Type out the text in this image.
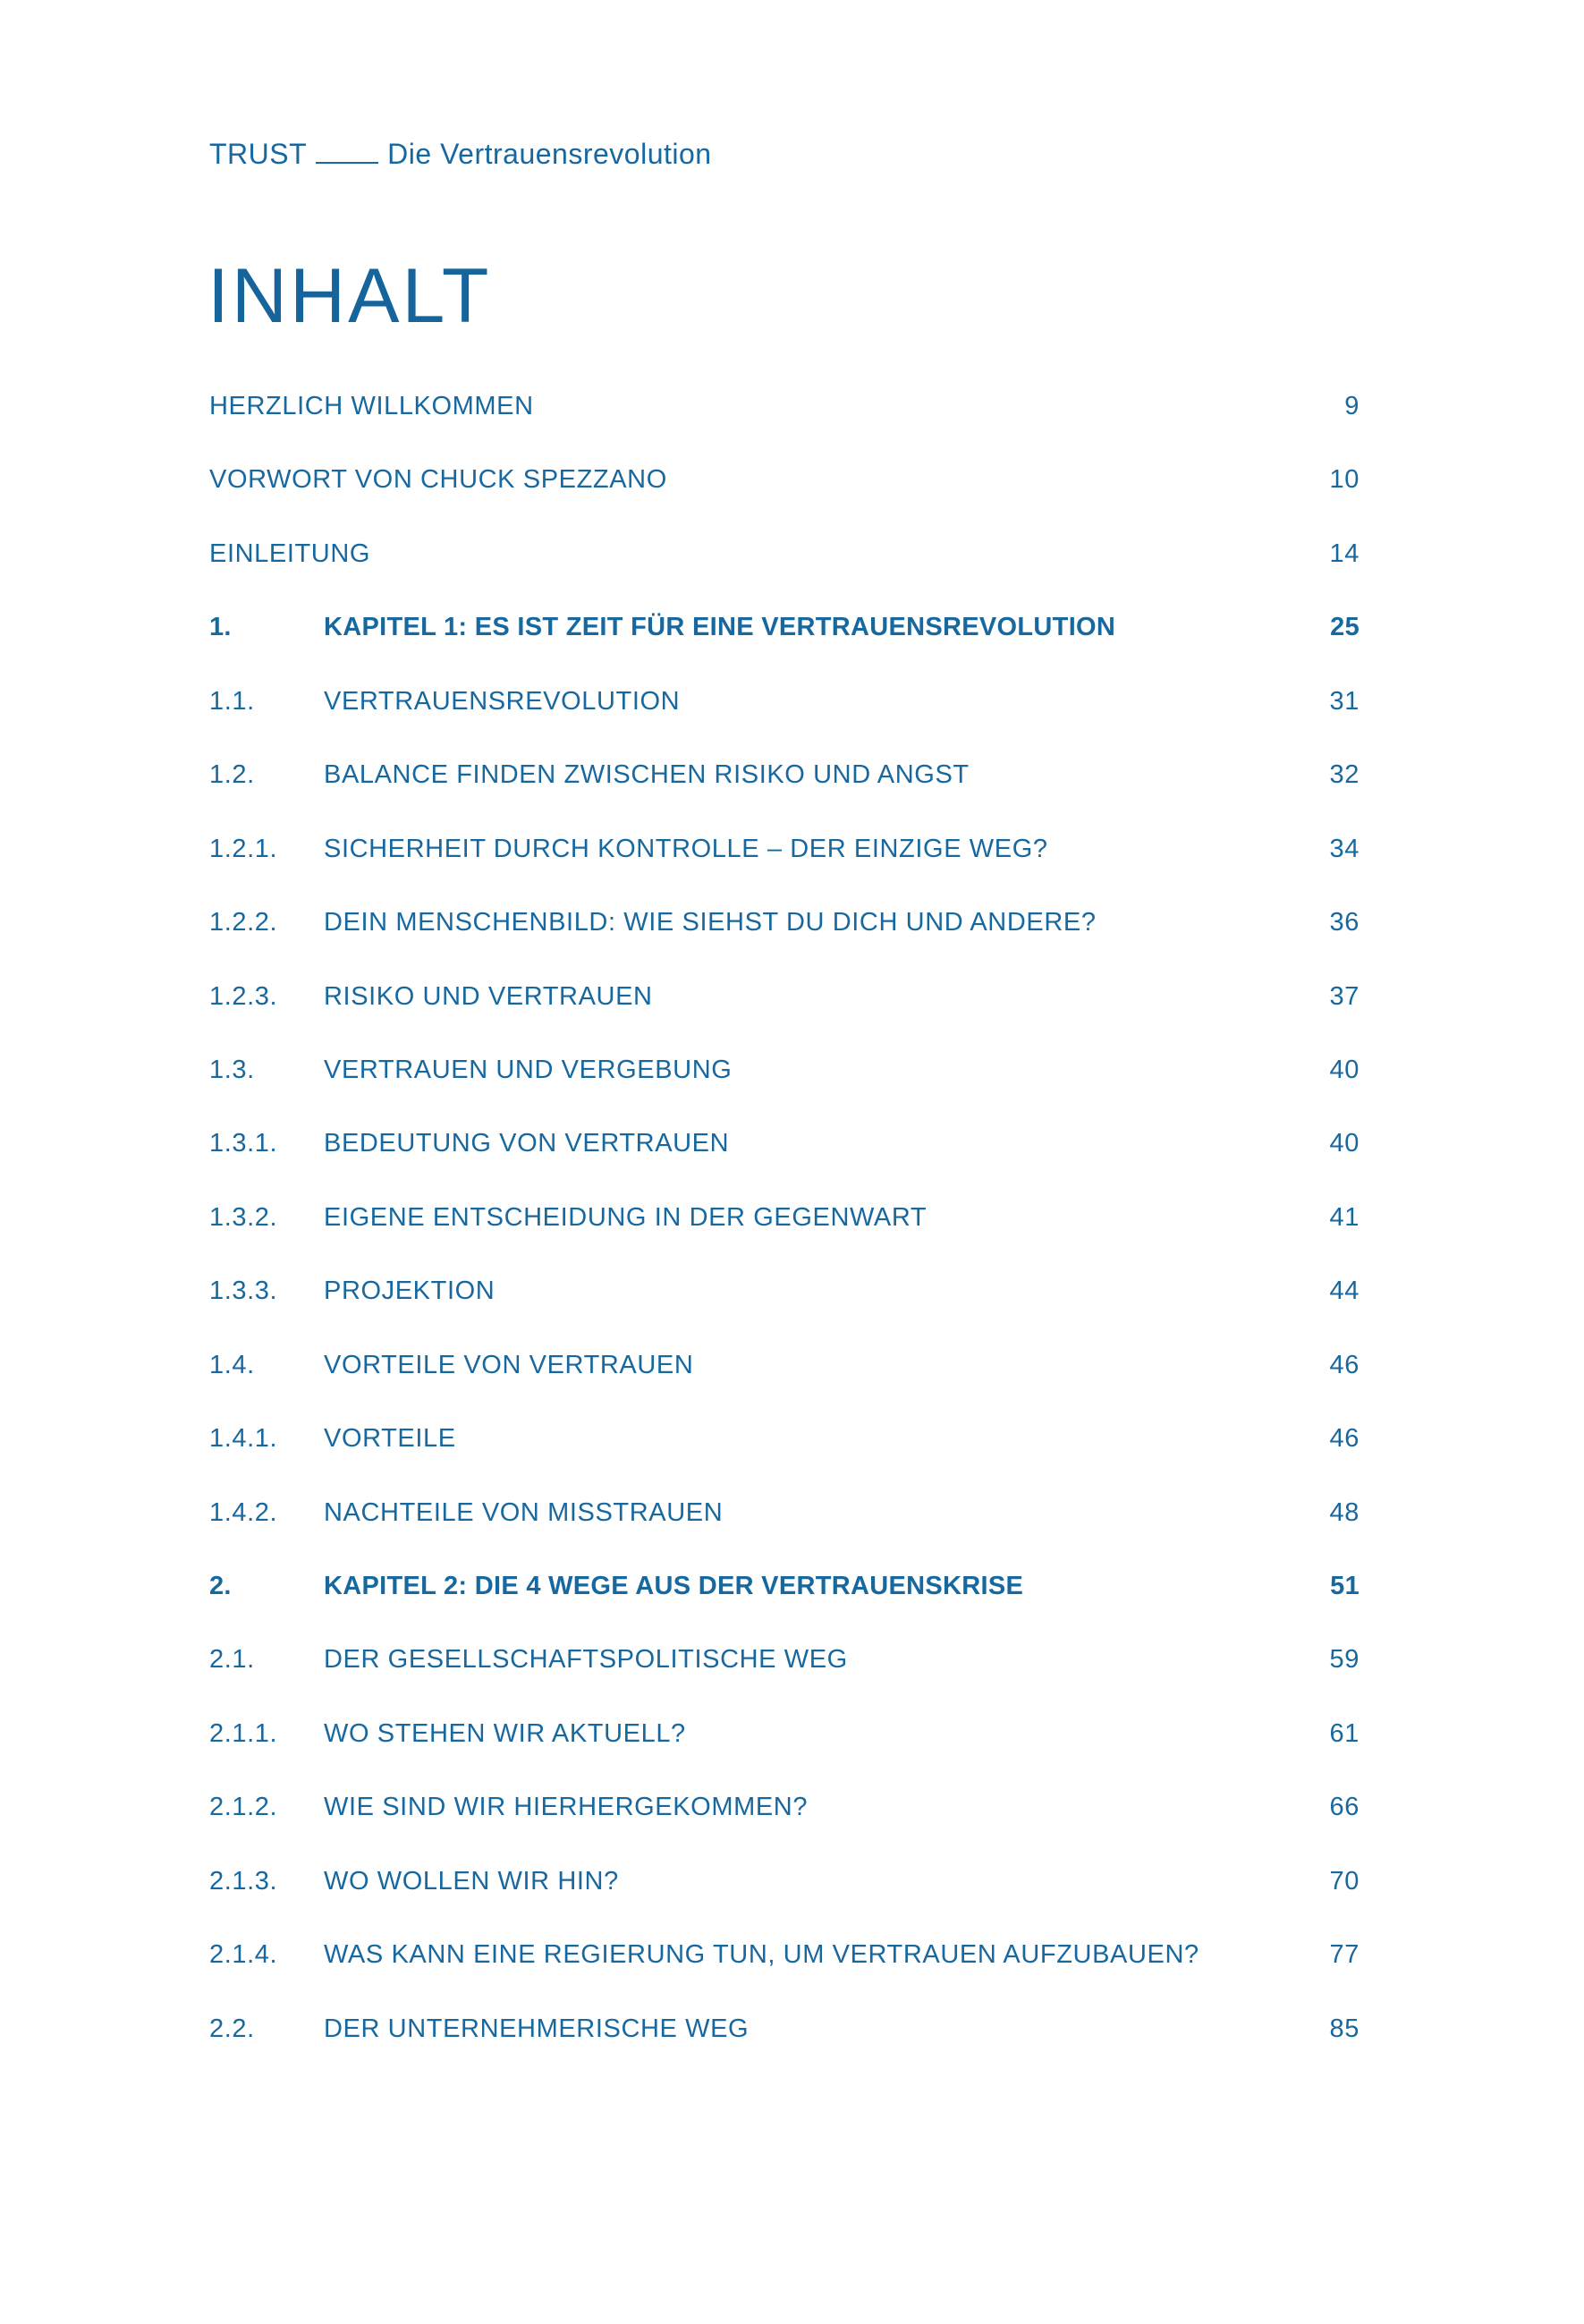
TRUST	Die Vertrauensrevolution
INHALT
HERZLICH WILLKOMMEN	9
VORWORT VON CHUCK SPEZZANO	10
EINLEITUNG	14
1.	KAPITEL 1: ES IST ZEIT FÜR EINE VERTRAUENSREVOLUTION	25
1.1.	VERTRAUENSREVOLUTION	31
1.2.	BALANCE FINDEN ZWISCHEN RISIKO UND ANGST	32
1.2.1. SICHERHEIT DURCH KONTROLLE – DER EINZIGE WEG?	34
1.2.2. DEIN MENSCHENBILD: WIE SIEHST DU DICH UND ANDERE?	36
1.2.3. RISIKO UND VERTRAUEN	37
1.3.	VERTRAUEN UND VERGEBUNG	40
1.3.1. BEDEUTUNG VON VERTRAUEN	40
1.3.2. EIGENE ENTSCHEIDUNG IN DER GEGENWART	41
1.3.3. PROJEKTION	44
1.4.	VORTEILE VON VERTRAUEN	46
1.4.1. VORTEILE	46
1.4.2. NACHTEILE VON MISSTRAUEN	48
2.	KAPITEL 2: DIE 4 WEGE AUS DER VERTRAUENSKRISE	51
2.1.	DER GESELLSCHAFTSPOLITISCHE WEG	59
2.1.1. WO STEHEN WIR AKTUELL?	61
2.1.2. WIE SIND WIR HIERHERGEKOMMEN?	66
2.1.3. WO WOLLEN WIR HIN?	70
2.1.4. WAS KANN EINE REGIERUNG TUN, UM VERTRAUEN AUFZUBAUEN?	77
2.2.	DER UNTERNEHMERISCHE WEG	85
